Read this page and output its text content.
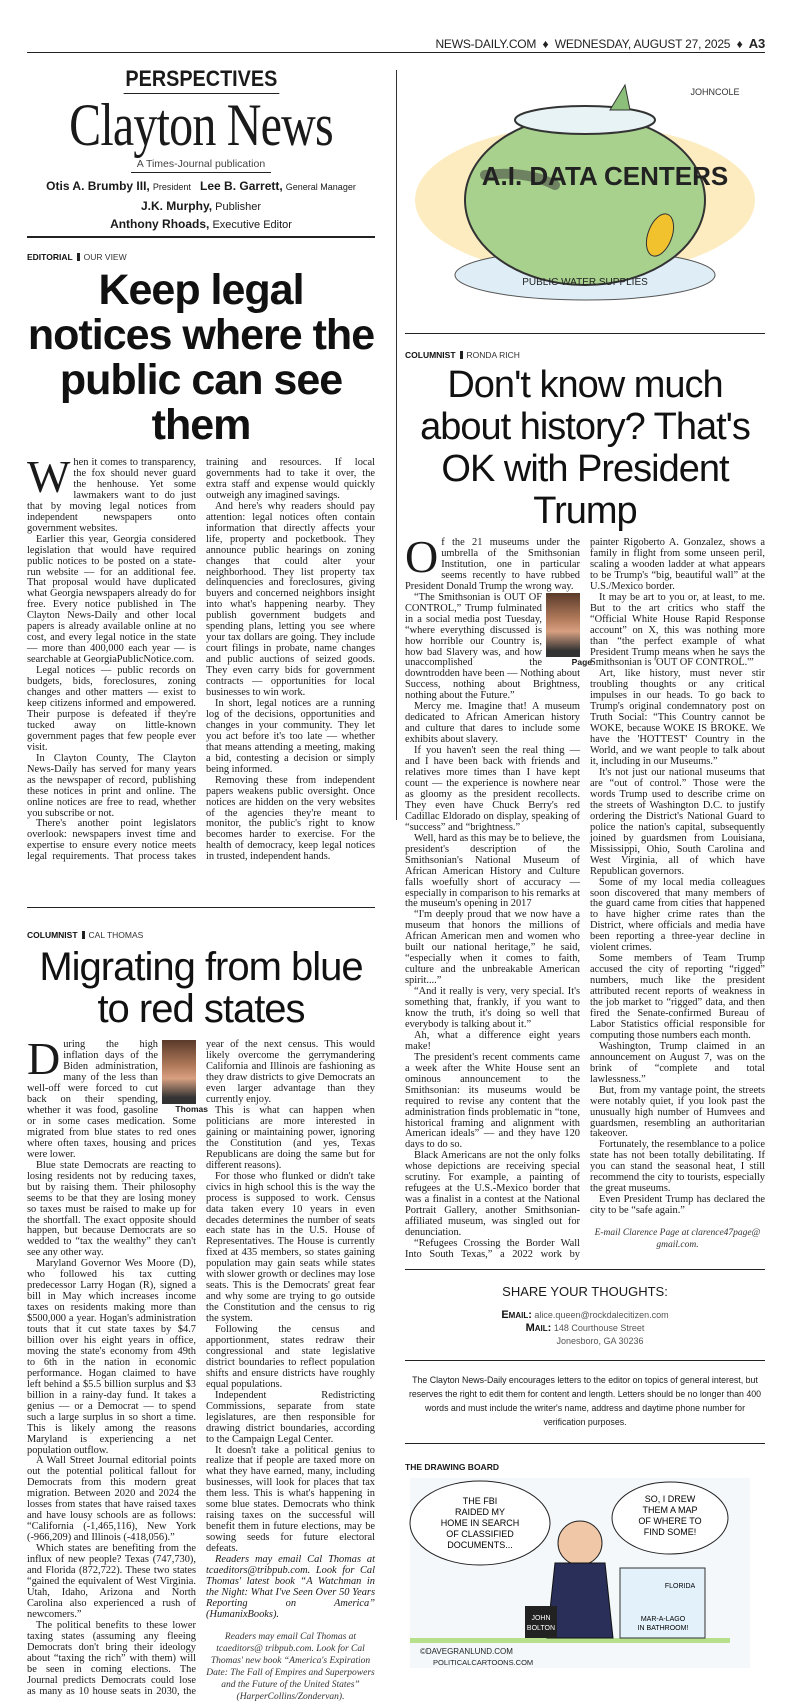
NEWS-DAILY.COM ♦ WEDNESDAY, AUGUST 27, 2025 ♦ A3
PERSPECTIVES
Clayton News
A Times-Journal publication
Otis A. Brumby III, President Lee B. Garrett, General Manager
J.K. Murphy, Publisher
Anthony Rhoads, Executive Editor
EDITORIAL OUR VIEW
Keep legal notices where the public can see them

When it comes to transparency, the fox should never guard the henhouse. Yet some lawmakers want to do just that by moving legal notices from independent newspapers onto government websites.

Earlier this year, Georgia considered legislation that would have required public notices to be posted on a state-run website — for an additional fee. That proposal would have duplicated what Georgia newspapers already do for free. Every notice published in The Clayton News-Daily and other local papers is already available online at no cost, and every legal notice in the state — more than 400,000 each year — is searchable at GeorgiaPublicNotice.com.

Legal notices — public records on budgets, bids, foreclosures, zoning changes and other matters — exist to keep citizens informed and empowered. Their purpose is defeated if they're tucked away on little-known government pages that few people ever visit.

In Clayton County, The Clayton News-Daily has served for many years as the newspaper of record, publishing these notices in print and online. The online notices are free to read, whether you subscribe or not.

There's another point legislators overlook: newspapers invest time and expertise to ensure every notice meets legal requirements. That process takes training and resources. If local governments had to take it over, the extra staff and expense would quickly outweigh any imagined savings.

And here's why readers should pay attention: legal notices often contain information that directly affects your life, property and pocketbook. They announce public hearings on zoning changes that could alter your neighborhood. They list property tax delinquencies and foreclosures, giving buyers and concerned neighbors insight into what's happening nearby. They publish government budgets and spending plans, letting you see where your tax dollars are going. They include court filings in probate, name changes and public auctions of seized goods. They even carry bids for government contracts — opportunities for local businesses to win work.

In short, legal notices are a running log of the decisions, opportunities and changes in your community. They let you act before it's too late — whether that means attending a meeting, making a bid, contesting a decision or simply being informed.

Removing these from independent papers weakens public oversight. Once notices are hidden on the very websites of the agencies they're meant to monitor, the public's right to know becomes harder to exercise. For the health of democracy, keep legal notices in trusted, independent hands.

COLUMNIST CAL THOMAS
Migrating from blue to red states

D
Thomas
uring the high inflation days of the Biden administration, many of the less than well-off were forced to cut back on their spending, whether it was food, gasoline or in some cases medication. Some migrated from blue states to red ones where often taxes, housing and prices were lower.

Blue state Democrats are reacting to losing residents not by reducing taxes, but by raising them. Their philosophy seems to be that they are losing money so taxes must be raised to make up for the shortfall. The exact opposite should happen, but because Democrats are so wedded to “tax the wealthy” they can't see any other way.

Maryland Governor Wes Moore (D), who followed his tax cutting predecessor Larry Hogan (R), signed a bill in May which increases income taxes on residents making more than $500,000 a year. Hogan's administration touts that it cut state taxes by $4.7 billion over his eight years in office, moving the state's economy from 49th to 6th in the nation in economic performance. Hogan claimed to have left behind a $5.5 billion surplus and $3 billion in a rainy-day fund. It takes a genius — or a Democrat — to spend such a large surplus in so short a time. This is likely among the reasons Maryland is experiencing a net population outflow.

A Wall Street Journal editorial points out the potential political fallout for Democrats from this modern great migration. Between 2020 and 2024 the losses from states that have raised taxes and have lousy schools are as follows: “California (-1,465,116), New York (-966,209) and Illinois (-418,056).”

Which states are benefiting from the influx of new people? Texas (747,730), and Florida (872,722). These two states “gained the equivalent of West Virginia. Utah, Idaho, Arizona and North Carolina also experienced a rush of newcomers.”

The political benefits to these lower taxing states (assuming any fleeing Democrats don't bring their ideology about “taxing the rich” with them) will be seen in coming elections. The Journal predicts Democrats could lose as many as 10 house seats in 2030, the year of the next census. This would likely overcome the gerrymandering California and Illinois are fashioning as they draw districts to give Democrats an even larger advantage than they currently enjoy.

This is what can happen when politicians are more interested in gaining or maintaining power, ignoring the Constitution (and yes, Texas Republicans are doing the same but for different reasons).

For those who flunked or didn't take civics in high school this is the way the process is supposed to work. Census data taken every 10 years in even decades determines the number of seats each state has in the U.S. House of Representatives. The House is currently fixed at 435 members, so states gaining population may gain seats while states with slower growth or declines may lose seats. This is the Democrats' great fear and why some are trying to go outside the Constitution and the census to rig the system.

Following the census and apportionment, states redraw their congressional and state legislative district boundaries to reflect population shifts and ensure districts have roughly equal populations.

Independent Redistricting Commissions, separate from state legislatures, are then responsible for drawing district boundaries, according to the Campaign Legal Center.

It doesn't take a political genius to realize that if people are taxed more on what they have earned, many, including businesses, will look for places that tax them less. This is what's happening in some blue states. Democrats who think raising taxes on the successful will benefit them in future elections, may be sowing seeds for future electoral defeats.

Readers may email Cal Thomas at tcaeditors@tribpub.com. Look for Cal Thomas' latest book “A Watchman in the Night: What I've Seen Over 50 Years Reporting on America” (HumanixBooks).

Readers may email Cal Thomas at tcaeditors@ tribpub.com. Look for Cal Thomas' new book “America's Expiration Date: The Fall of Empires and Superpowers and the Future of the United States” (HarperCollins/Zondervan).

A.I. DATA CENTERS
PUBLIC WATER SUPPLIES
JOHNCOLE
COLUMNIST RONDA RICH
Don't know much about history? That's OK with President Trump

Of the 21 museums under the umbrella of the Smithsonian Institution, one in particular seems recently to have rubbed President Donald Trump the wrong way.

Page
“The Smithsonian is OUT OF CONTROL,” Trump fulminated in a social media post Tuesday, “where everything discussed is how horrible our Country is, how bad Slavery was, and how unaccomplished the downtrodden have been — Nothing about Success, nothing about Brightness, nothing about the Future.”

Mercy me. Imagine that! A museum dedicated to African American history and culture that dares to include some exhibits about slavery.

If you haven't seen the real thing — and I have been back with friends and relatives more times than I have kept count — the experience is nowhere near as gloomy as the president recollects. They even have Chuck Berry's red Cadillac Eldorado on display, speaking of “success” and “brightness.”

Well, hard as this may be to believe, the president's description of the Smithsonian's National Museum of African American History and Culture falls woefully short of accuracy — especially in comparison to his remarks at the museum's opening in 2017

“I'm deeply proud that we now have a museum that honors the millions of African American men and women who built our national heritage,” he said, “especially when it comes to faith, culture and the unbreakable American spirit....”

“And it really is very, very special. It's something that, frankly, if you want to know the truth, it's doing so well that everybody is talking about it.”

Ah, what a difference eight years make!

The president's recent comments came a week after the White House sent an ominous announcement to the Smithsonian: its museums would be required to revise any content that the administration finds problematic in “tone, historical framing and alignment with American ideals” — and they have 120 days to do so.

Black Americans are not the only folks whose depictions are receiving special scrutiny. For example, a painting of refugees at the U.S.-Mexico border that was a finalist in a contest at the National Portrait Gallery, another Smithsonian-affiliated museum, was singled out for denunciation.

“Refugees Crossing the Border Wall Into South Texas,” a 2022 work by painter Rigoberto A. Gonzalez, shows a family in flight from some unseen peril, scaling a wooden ladder at what appears to be Trump's “big, beautiful wall” at the U.S./Mexico border.

It may be art to you or, at least, to me. But to the art critics who staff the “Official White House Rapid Response account” on X, this was nothing more than “the perfect example of what President Trump means when he says the Smithsonian is 'OUT OF CONTROL.'”

Art, like history, must never stir troubling thoughts or any critical impulses in our heads. To go back to Trump's original condemnatory post on Truth Social: “This Country cannot be WOKE, because WOKE IS BROKE. We have the 'HOTTEST' Country in the World, and we want people to talk about it, including in our Museums.”

It's not just our national museums that are “out of control.” Those were the words Trump used to describe crime on the streets of Washington D.C. to justify ordering the District's National Guard to police the nation's capital, subsequently joined by guardsmen from Louisiana, Mississippi, Ohio, South Carolina and West Virginia, all of which have Republican governors.

Some of my local media colleagues soon discovered that many members of the guard came from cities that happened to have higher crime rates than the District, where officials and media have been reporting a three-year decline in violent crimes.

Some members of Team Trump accused the city of reporting “rigged” numbers, much like the president attributed recent reports of weakness in the job market to “rigged” data, and then fired the Senate-confirmed Bureau of Labor Statistics official responsible for computing those numbers each month.

Washington, Trump claimed in an announcement on August 7, was on the brink of “complete and total lawlessness.”

But, from my vantage point, the streets were notably quiet, if you look past the unusually high number of Humvees and guardsmen, resembling an authoritarian takeover.

Fortunately, the resemblance to a police state has not been totally debilitating. If you can stand the seasonal heat, I still recommend the city to tourists, especially the great museums.

Even President Trump has declared the city to be “safe again.”

E-mail Clarence Page at clarence47page@ gmail.com.

SHARE YOUR THOUGHTS:
Email: alice.queen@rockdalecitizen.com
Mail: 148 Courthouse Street
Jonesboro, GA 30236
The Clayton News-Daily encourages letters to the editor on topics of general interest, but reserves the right to edit them for content and length. Letters should be no longer than 400 words and must include the writer's name, address and daytime phone number for verification purposes.
THE DRAWING BOARD
THE FBI
RAIDED MY
HOME IN SEARCH
OF CLASSIFIED
DOCUMENTS...
SO, I DREW
THEM A MAP
OF WHERE TO
FIND SOME!
JOHN
BOLTON
FLORIDA
MAR-A-LAGO
IN BATHROOM!
©DAVEGRANLUND.COM
POLITICALCARTOONS.COM
